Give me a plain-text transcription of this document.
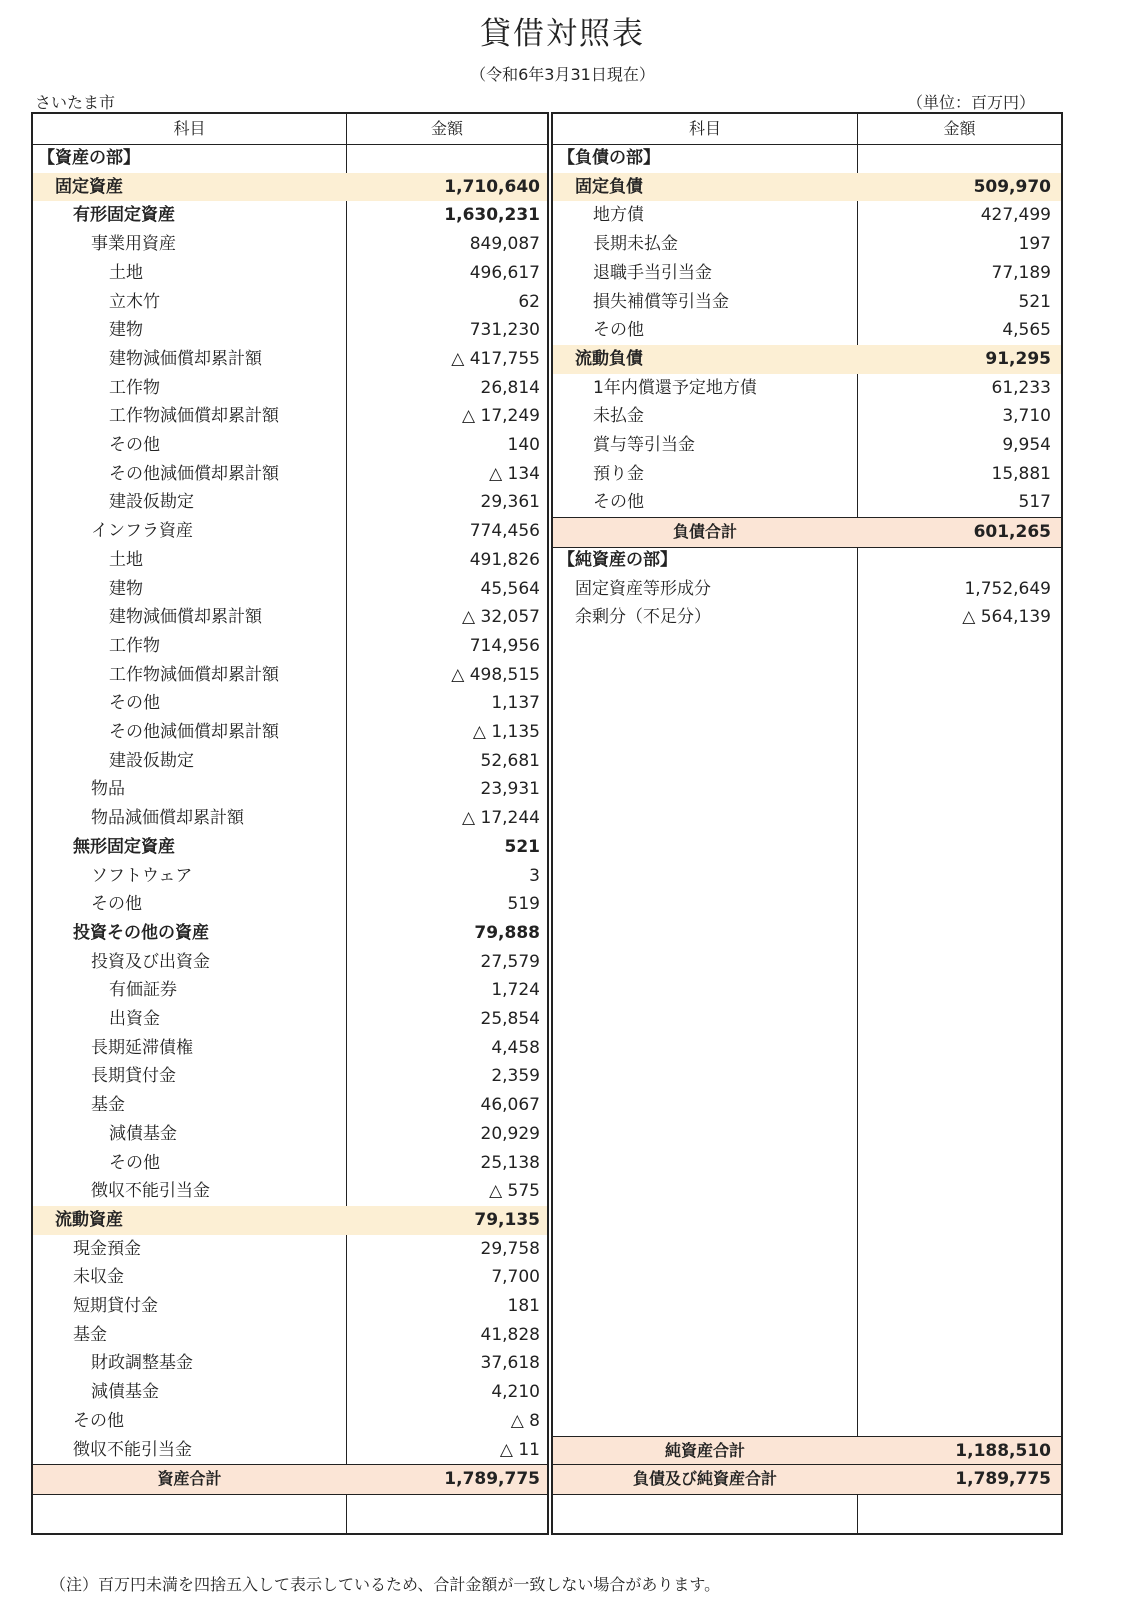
貸借対照表
（令和6年3月31日現在）
さいたま市	（単位：百万円）
科目	金額
【資産の部】
固定資産	1,710,640
有形固定資産	1,630,231
事業用資産	849,087
土地	496,617
立木竹	62
建物	731,230
建物減価償却累計額	△ 417,755
工作物	26,814
工作物減価償却累計額	△ 17,249
その他	140
その他減価償却累計額	△ 134
建設仮勘定	29,361
インフラ資産	774,456
土地	491,826
建物	45,564
建物減価償却累計額	△ 32,057
工作物	714,956
工作物減価償却累計額	△ 498,515
その他	1,137
その他減価償却累計額	△ 1,135
建設仮勘定	52,681
物品	23,931
物品減価償却累計額	△ 17,244
無形固定資産	521
ソフトウェア	3
その他	519
投資その他の資産	79,888
投資及び出資金	27,579
有価証券	1,724
出資金	25,854
長期延滞債権	4,458
長期貸付金	2,359
基金	46,067
減債基金	20,929
その他	25,138
徴収不能引当金	△ 575
流動資産	79,135
現金預金	29,758
未収金	7,700
短期貸付金	181
基金	41,828
財政調整基金	37,618
減債基金	4,210
その他	△ 8
徴収不能引当金	△ 11
資産合計	1,789,775
科目	金額
【負債の部】
固定負債	509,970
地方債	427,499
長期未払金	197
退職手当引当金	77,189
損失補償等引当金	521
その他	4,565
流動負債	91,295
1年内償還予定地方債	61,233
未払金	3,710
賞与等引当金	9,954
預り金	15,881
その他	517
負債合計	601,265
【純資産の部】
固定資産等形成分	1,752,649
余剰分（不足分）	△ 564,139
純資産合計	1,188,510
負債及び純資産合計	1,789,775
（注）百万円未満を四捨五入して表示しているため、合計金額が一致しない場合があります。
